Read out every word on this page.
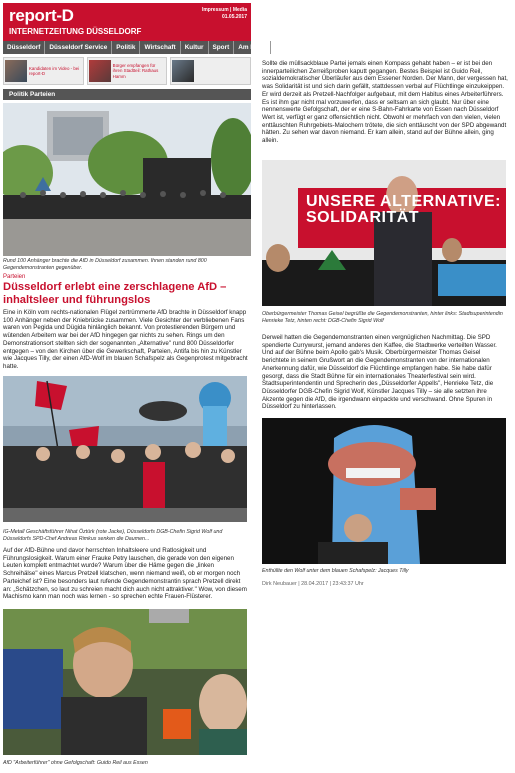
report-D
INTERNETZEITUNG DÜSSELDORF
Impressum | Media
01.05.2017
Düsseldorf	Düsseldorf Service	Politik	Wirtschaft	Kultur	Sport	Am Rand
Kandidaten im Video - bei report-D
Bürger empfangen für ihren Stadtteil: Rathaus Hamm
Politik Parteien
Rund 100 Anhänger brachte die AfD in Düsseldorf zusammen. Ihnen standen rund 800 Gegendemonstranten gegenüber.
Parteien
Düsseldorf erlebt eine zerschlagene AfD – inhaltsleer und führungslos
Eine in Köln vom rechts-nationalen Flügel zertrümmerte AfD brachte in Düsseldorf knapp 100 Anhänger neben der Kniebrücke zusammen. Viele Gesichter der verbliebenen Fans waren von Pegida und Dügida hinlänglich bekannt. Von protestierenden Bürgern und wütenden Arbeitern war bei der AfD hingegen gar nichts zu sehen. Rings um den Demonstrationsort stellten sich der sogenannten „Alternative" rund 800 Düsseldorfer entgegen – von den Kirchen über die Gewerkschaft, Parteien, Antifa bis hin zu Künstler wie Jacques Tilly, der einen AfD-Wolf im blauen Schafspelz als Gegenprotest mitgebracht hatte.
IG-Metall Geschäftsführer Nihat Öztürk (rote Jacke), Düsseldorfs DGB-Chefin Sigrid Wolf und Düsseldorfs SPD-Chef Andreas Rimkus senken die Daumen...
Auf der AfD-Bühne und davor herrschten Inhaltsleere und Ratlosigkeit und Führungslosigkeit. Warum einer Frauke Petry lauschen, die gerade von den eigenen Leuten komplett entmachtet wurde? Warum über die Häme gegen die „linken Schreihälse" eines Marcus Pretzell klatschen, wenn niemand weiß, ob er morgen noch Parteichef ist? Eine besonders laut rufende Gegendemonstrantin sprach Pretzell direkt an: „Schätzchen, so laut zu schreien macht dich auch nicht attraktiver." Wow, von diesem Machismo kann man noch was lernen - so sprechen echte Frauen-Flüsterer.
AfD "Arbeiterführer" ohne Gefolgschaft: Guido Reil aus Essen
Sollte die müllsackblaue Partei jemals einen Kompass gehabt haben – er ist bei den innerparteilichen Zerreißproben kaputt gegangen. Bestes Beispiel ist Guido Reil, sozialdemokratischer Überläufer aus dem Essener Norden. Der Mann, der vergessen hat, was Solidarität ist und sich darin gefällt, stattdessen verbal auf Flüchtlinge einzukeippen. Er wird derzeit als Pretzell-Nachfolger aufgebaut, mit dem Habitus eines Arbeiterführers.
Es ist ihm gar nicht mal vorzuwerfen, dass er seltsam an sich glaubt. Nur über eine nennenswerte Gefolgschaft, der er eine S-Bahn-Fahrkarte von Essen nach Düsseldorf Wert ist, verfügt er ganz offensichtlich nicht. Obwohl er mehrfach von den vielen, vielen enttäuschten Ruhrgebiets-Malochern trötete, die sich enttäuscht von der SPD abgewandt hätten. Zu sehen war davon niemand. Er kam allein, stand auf der Bühne allein, ging allein.
UNSERE ALTERNATIVE: SOLIDARITÄT
Oberbürgermeister Thomas Geisel begrüßte die Gegendemonstranten, hinter links: Stadtsuperintendin Henrieke Tetz, hinten recht: DGB-Chefin Sigrid Wolf
Derweil hatten die Gegendemonstranten einen vergnüglichen Nachmittag. Die SPD spendierte Currywurst, jemand anderes den Kaffee, die Stadtwerke verteilten Wasser. Und auf der Bühne beim Apollo gab's Musik. Oberbürgermeister Thomas Geisel berichtete in seinem Grußwort an die Gegendemonstranten von der internationalen Anerkennung dafür, wie Düsseldorf die Flüchtlinge empfangen habe. Sie habe dafür gesorgt, dass die Stadt Bühne für ein internationales Theaterfestival sein wird. Stadtsuperintendentin und Sprecherin des „Düsseldorfer Appells", Henrieke Tetz, die Düsseldorfer DGB-Chefin Sigrid Wolf, Künstler Jacques Tilly – sie alle setzten ihre Akzente gegen die AfD, die irgendwann einpackte und verschwand. Ohne Spuren in Düsseldorf zu hinterlassen.
Enthüllte den Wolf unter dem blauen Schafspelz: Jacques Tilly
Dirk Neubauer | 28.04.2017 | 23:43:37 Uhr
